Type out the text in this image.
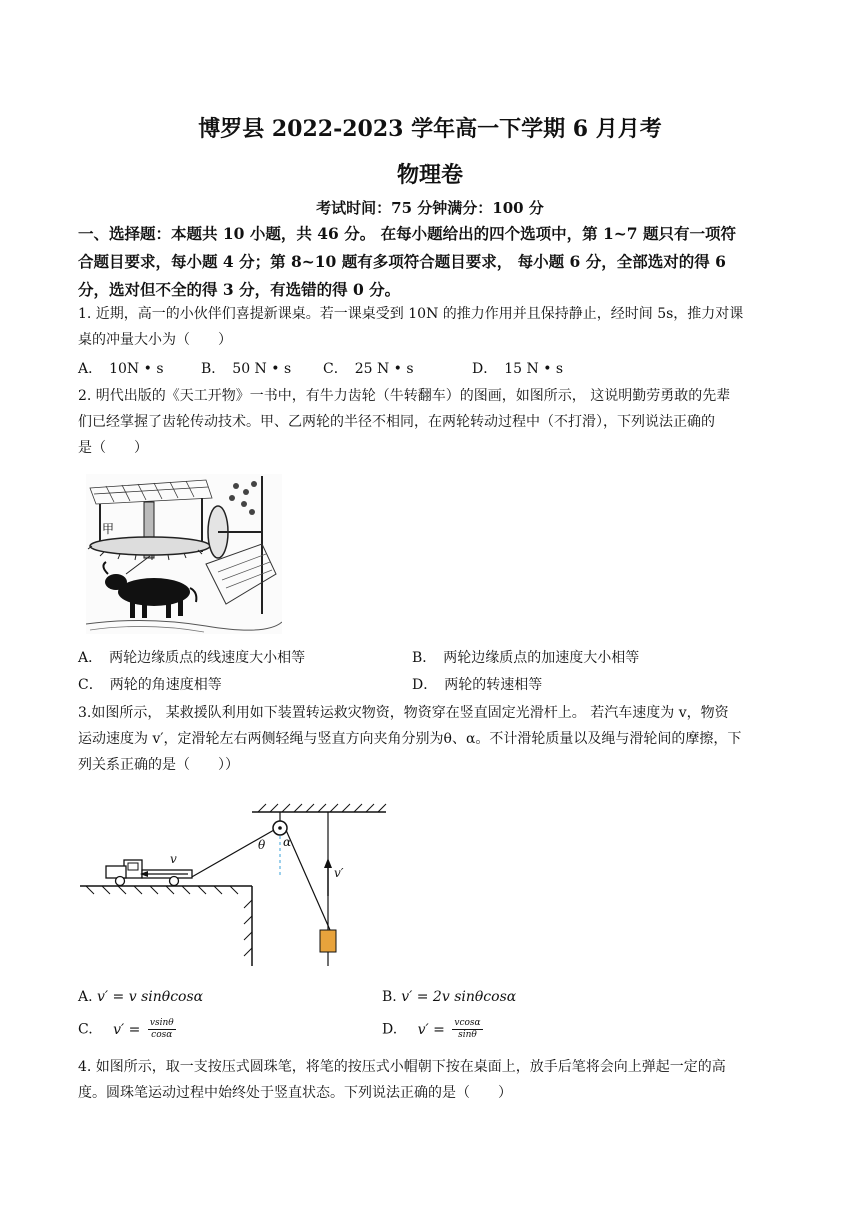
博罗县 2022-2023 学年高一下学期 6 月月考
物理卷
考试时间：75 分钟满分：100 分
一、选择题：本题共 10 小题，共 46 分。 在每小题给出的四个选项中，第 1~7 题只有一项符
合题目要求，每小题 4 分；第 8~10 题有多项符合题目要求， 每小题 6 分，全部选对的得 6
分，选对但不全的得 3 分，有选错的得 0 分。
1. 近期，高一的小伙伴们喜提新课桌。若一课桌受到 10N 的推力作用并且保持静止，经时间 5s，推力对课
桌的冲量大小为（　　）
A．　10N • s	B．　50 N • s C．　25 N • s	D．　15 N • s
2. 明代出版的《天工开物》一书中，有牛力齿轮（牛转翻车）的图画，如图所示， 这说明勤劳勇敢的先辈
们已经掌握了齿轮传动技术。甲、乙两轮的半径不相同，在两轮转动过程中（不打滑），下列说法正确的
是（　　）
甲
A．　两轮边缘质点的线速度大小相等	B．　两轮边缘质点的加速度大小相等
C．　两轮的角速度相等	D．　两轮的转速相等
3.如图所示， 某救援队利用如下装置转运救灾物资，物资穿在竖直固定光滑杆上。 若汽车速度为 v，物资
运动速度为 v′，定滑轮左右两侧轻绳与竖直方向夹角分别为θ、α。不计滑轮质量以及绳与滑轮间的摩擦，下
列关系正确的是（　　））
v
v′
θ α
A. v′ = v sinθcosα	B. v′ = 2v sinθcosα
C. $v' = \frac{vsin\theta}{\cos\alpha}$	D. $v' = \frac{vcos\alpha}{\sin\theta}$
4. 如图所示，取一支按压式圆珠笔，将笔的按压式小帽朝下按在桌面上，放手后笔将会向上弹起一定的高
度。圆珠笔运动过程中始终处于竖直状态。下列说法正确的是（　　）
